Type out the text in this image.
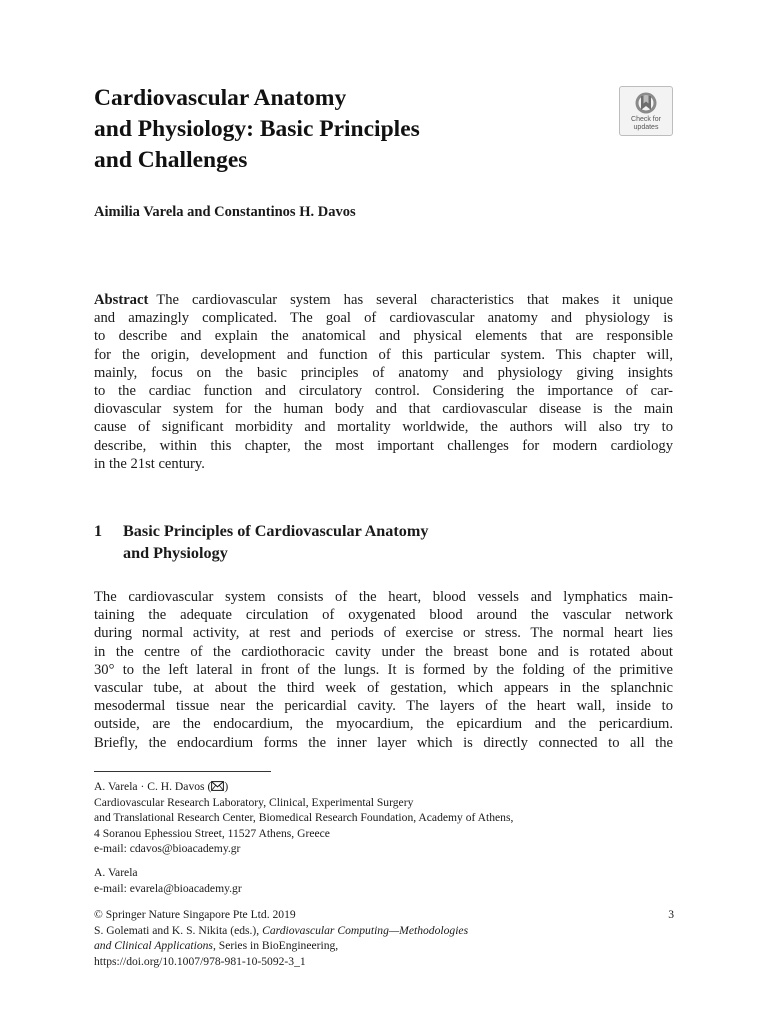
Cardiovascular Anatomy
and Physiology: Basic Principles
and Challenges
Check for
updates
Aimilia Varela and Constantinos H. Davos
Abstract The cardiovascular system has several characteristics that makes it unique
and amazingly complicated. The goal of cardiovascular anatomy and physiology is
to describe and explain the anatomical and physical elements that are responsible
for the origin, development and function of this particular system. This chapter will,
mainly, focus on the basic principles of anatomy and physiology giving insights
to the cardiac function and circulatory control. Considering the importance of car-
diovascular system for the human body and that cardiovascular disease is the main
cause of significant morbidity and mortality worldwide, the authors will also try to
describe, within this chapter, the most important challenges for modern cardiology
in the 21st century.
1	Basic Principles of Cardiovascular Anatomy
and Physiology
The cardiovascular system consists of the heart, blood vessels and lymphatics main-
taining the adequate circulation of oxygenated blood around the vascular network
during normal activity, at rest and periods of exercise or stress. The normal heart lies
in the centre of the cardiothoracic cavity under the breast bone and is rotated about
30° to the left lateral in front of the lungs. It is formed by the folding of the primitive
vascular tube, at about the third week of gestation, which appears in the splanchnic
mesodermal tissue near the pericardial cavity. The layers of the heart wall, inside to
outside, are the endocardium, the myocardium, the epicardium and the pericardium.
Briefly, the endocardium forms the inner layer which is directly connected to all the
A. Varela · C. H. Davos ( )
Cardiovascular Research Laboratory, Clinical, Experimental Surgery
and Translational Research Center, Biomedical Research Foundation, Academy of Athens,
4 Soranou Ephessiou Street, 11527 Athens, Greece
e-mail: cdavos@bioacademy.gr
A. Varela
e-mail: evarela@bioacademy.gr
3
© Springer Nature Singapore Pte Ltd. 2019
S. Golemati and K. S. Nikita (eds.), Cardiovascular Computing—Methodologies
and Clinical Applications, Series in BioEngineering,
https://doi.org/10.1007/978-981-10-5092-3_1
